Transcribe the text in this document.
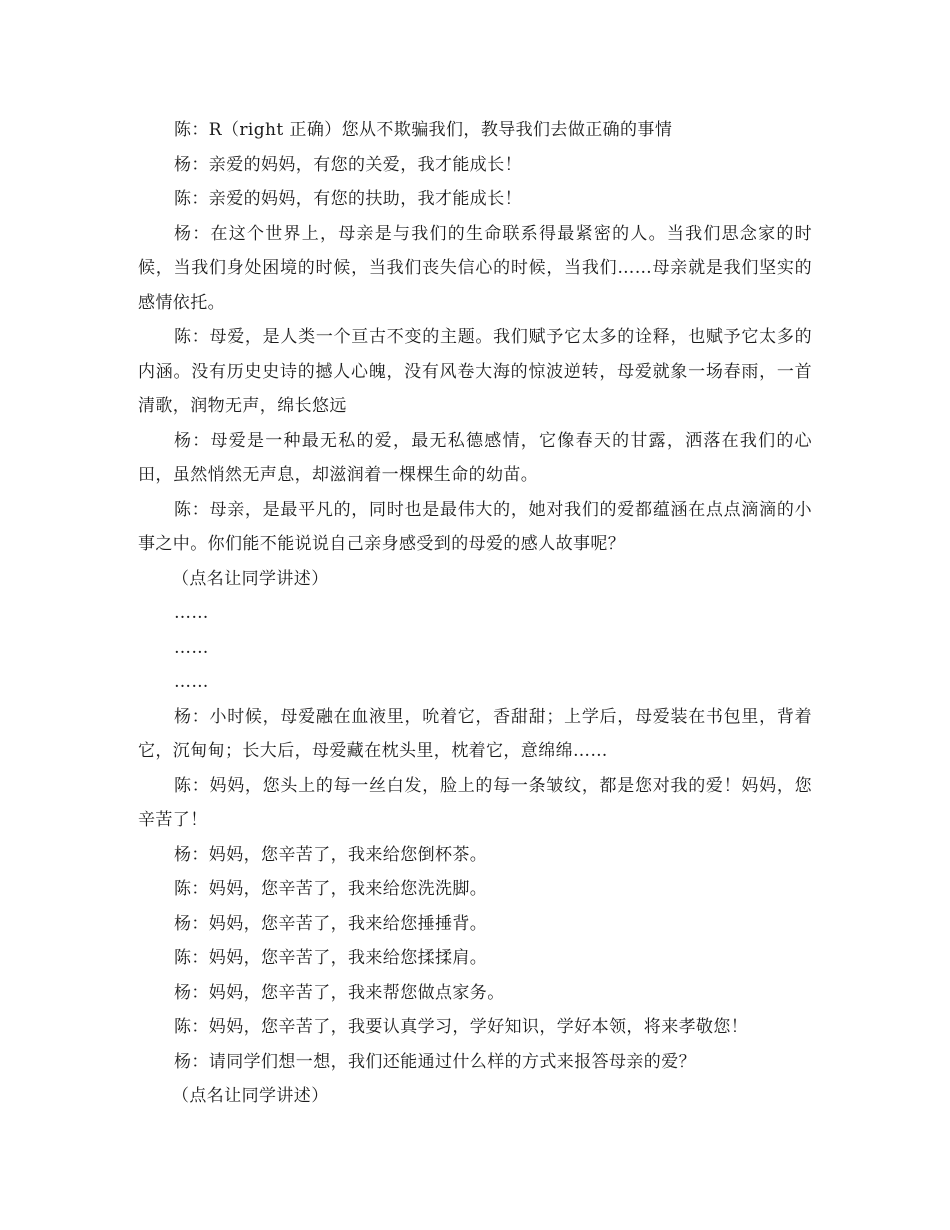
陈：R（right 正确）您从不欺骗我们，教导我们去做正确的事情

杨：亲爱的妈妈，有您的关爱，我才能成长！

陈：亲爱的妈妈，有您的扶助，我才能成长！

杨：在这个世界上，母亲是与我们的生命联系得最紧密的人。当我们思念家的时候，当我们身处困境的时候，当我们丧失信心的时候，当我们……母亲就是我们坚实的感情依托。

陈：母爱，是人类一个亘古不变的主题。我们赋予它太多的诠释，也赋予它太多的内涵。没有历史史诗的撼人心魄，没有风卷大海的惊波逆转，母爱就象一场春雨，一首清歌，润物无声，绵长悠远

杨：母爱是一种最无私的爱，最无私德感情，它像春天的甘露，洒落在我们的心田，虽然悄然无声息，却滋润着一棵棵生命的幼苗。

陈：母亲，是最平凡的，同时也是最伟大的，她对我们的爱都蕴涵在点点滴滴的小事之中。你们能不能说说自己亲身感受到的母爱的感人故事呢？

（点名让同学讲述）

……

……

……

杨：小时候，母爱融在血液里，吮着它，香甜甜；上学后，母爱装在书包里，背着它，沉甸甸；长大后，母爱藏在枕头里，枕着它，意绵绵……

陈：妈妈，您头上的每一丝白发，脸上的每一条皱纹，都是您对我的爱！妈妈，您辛苦了！

杨：妈妈，您辛苦了，我来给您倒杯茶。

陈：妈妈，您辛苦了，我来给您洗洗脚。

杨：妈妈，您辛苦了，我来给您捶捶背。

陈：妈妈，您辛苦了，我来给您揉揉肩。

杨：妈妈，您辛苦了，我来帮您做点家务。

陈：妈妈，您辛苦了，我要认真学习，学好知识，学好本领，将来孝敬您！

杨：请同学们想一想，我们还能通过什么样的方式来报答母亲的爱？

（点名让同学讲述）
